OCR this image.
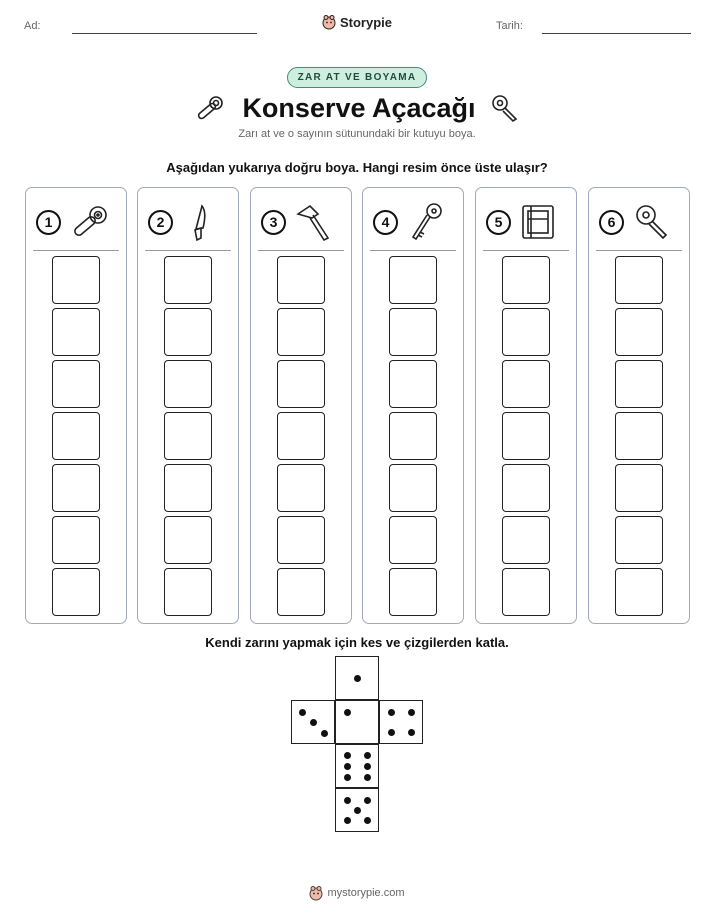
Ad:	Storypie	Tarih:
ZAR AT VE BOYAMA
Konserve Açacağı

Zarı at ve o sayının sütunundaki bir kutuyu boya.

Aşağıdan yukarıya doğru boya. Hangi resim önce üste ulaşır?

1	2	3	4	5	6

Kendi zarını yapmak için kes ve çizgilerden katla.

mystorypie.com
